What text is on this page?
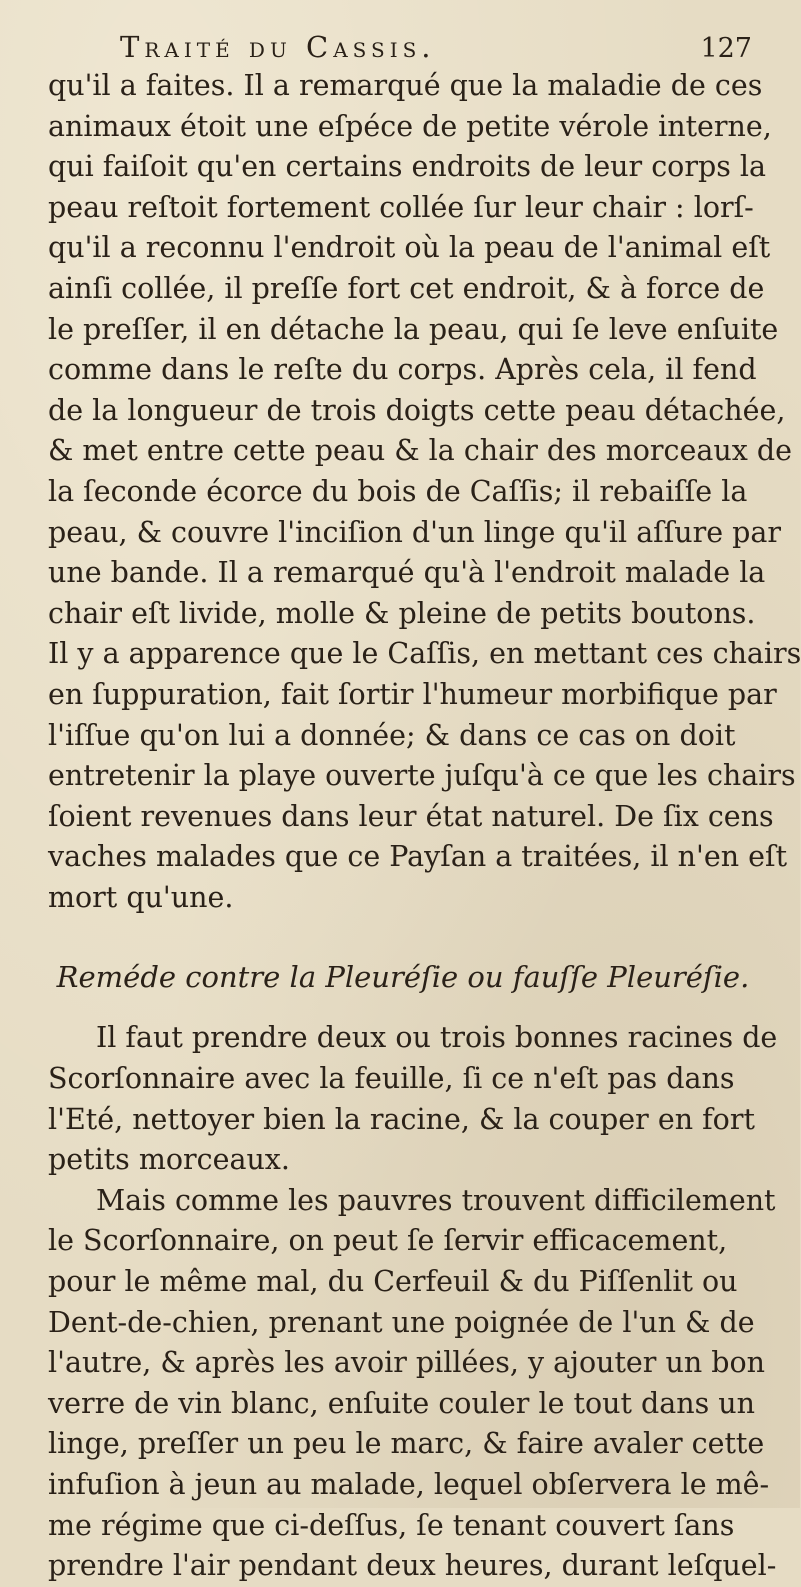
Traité du Cassis.	127
qu'il a faites. Il a remarqué que la maladie de ces
animaux étoit une eſpéce de petite vérole interne,
qui faiſoit qu'en certains endroits de leur corps la
peau reſtoit fortement collée ſur leur chair : lorſ-
qu'il a reconnu l'endroit où la peau de l'animal eſt
ainſi collée, il preſſe fort cet endroit, & à force de
le preſſer, il en détache la peau, qui ſe leve enſuite
comme dans le reſte du corps. Après cela, il fend
de la longueur de trois doigts cette peau détachée,
& met entre cette peau & la chair des morceaux de
la ſeconde écorce du bois de Caſſis; il rebaiſſe la
peau, & couvre l'inciſion d'un linge qu'il aſſure par
une bande. Il a remarqué qu'à l'endroit malade la
chair eſt livide, molle & pleine de petits boutons.
Il y a apparence que le Caſſis, en mettant ces chairs
en ſuppuration, fait ſortir l'humeur morbifique par
l'iſſue qu'on lui a donnée; & dans ce cas on doit
entretenir la playe ouverte juſqu'à ce que les chairs
ſoient revenues dans leur état naturel. De ſix cens
vaches malades que ce Payſan a traitées, il n'en eſt
mort qu'une.
Reméde contre la Pleuréſie ou fauſſe Pleuréſie.
Il faut prendre deux ou trois bonnes racines de
Scorſonnaire avec la feuille, ſi ce n'eſt pas dans
l'Eté, nettoyer bien la racine, & la couper en fort
petits morceaux.
Mais comme les pauvres trouvent difficilement
le Scorſonnaire, on peut ſe ſervir efficacement,
pour le même mal, du Cerfeuil & du Piſſenlit ou
Dent-de-chien, prenant une poignée de l'un & de
l'autre, & après les avoir pillées, y ajouter un bon
verre de vin blanc, enſuite couler le tout dans un
linge, preſſer un peu le marc, & faire avaler cette
infuſion à jeun au malade, lequel obſervera le mê-
me régime que ci-deſſus, ſe tenant couvert ſans
prendre l'air pendant deux heures, durant leſquel-
